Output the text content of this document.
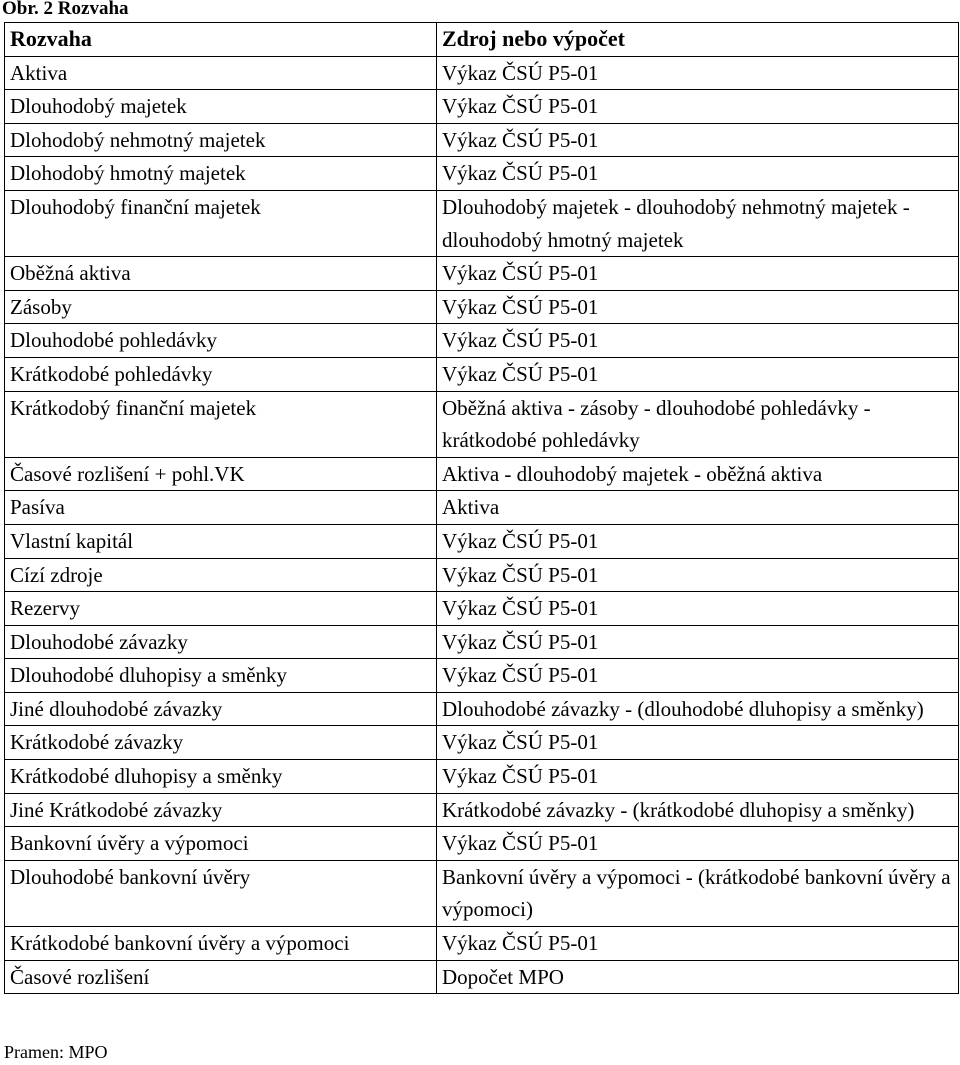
Obr. 2 Rozvaha
Rozvaha	Zdroj nebo výpočet
Aktiva	Výkaz ČSÚ P5-01
Dlouhodobý majetek	Výkaz ČSÚ P5-01
Dlohodobý nehmotný majetek	Výkaz ČSÚ P5-01
Dlohodobý hmotný majetek	Výkaz ČSÚ P5-01
Dlouhodobý finanční majetek	Dlouhodobý majetek - dlouhodobý nehmotný majetek - dlouhodobý hmotný majetek
Oběžná aktiva	Výkaz ČSÚ P5-01
Zásoby	Výkaz ČSÚ P5-01
Dlouhodobé pohledávky	Výkaz ČSÚ P5-01
Krátkodobé pohledávky	Výkaz ČSÚ P5-01
Krátkodobý finanční majetek	Oběžná aktiva - zásoby - dlouhodobé pohledávky - krátkodobé pohledávky
Časové rozlišení + pohl.VK	Aktiva - dlouhodobý majetek - oběžná aktiva
Pasíva	Aktiva
Vlastní kapitál	Výkaz ČSÚ P5-01
Cízí zdroje	Výkaz ČSÚ P5-01
Rezervy	Výkaz ČSÚ P5-01
Dlouhodobé závazky	Výkaz ČSÚ P5-01
Dlouhodobé dluhopisy a směnky	Výkaz ČSÚ P5-01
Jiné dlouhodobé závazky	Dlouhodobé závazky - (dlouhodobé dluhopisy a směnky)
Krátkodobé závazky	Výkaz ČSÚ P5-01
Krátkodobé dluhopisy a směnky	Výkaz ČSÚ P5-01
Jiné Krátkodobé závazky	Krátkodobé závazky - (krátkodobé dluhopisy a směnky)
Bankovní úvěry a výpomoci	Výkaz ČSÚ P5-01
Dlouhodobé bankovní úvěry	Bankovní úvěry a výpomoci - (krátkodobé bankovní úvěry a výpomoci)
Krátkodobé bankovní úvěry a výpomoci	Výkaz ČSÚ P5-01
Časové rozlišení	Dopočet MPO
Pramen: MPO
